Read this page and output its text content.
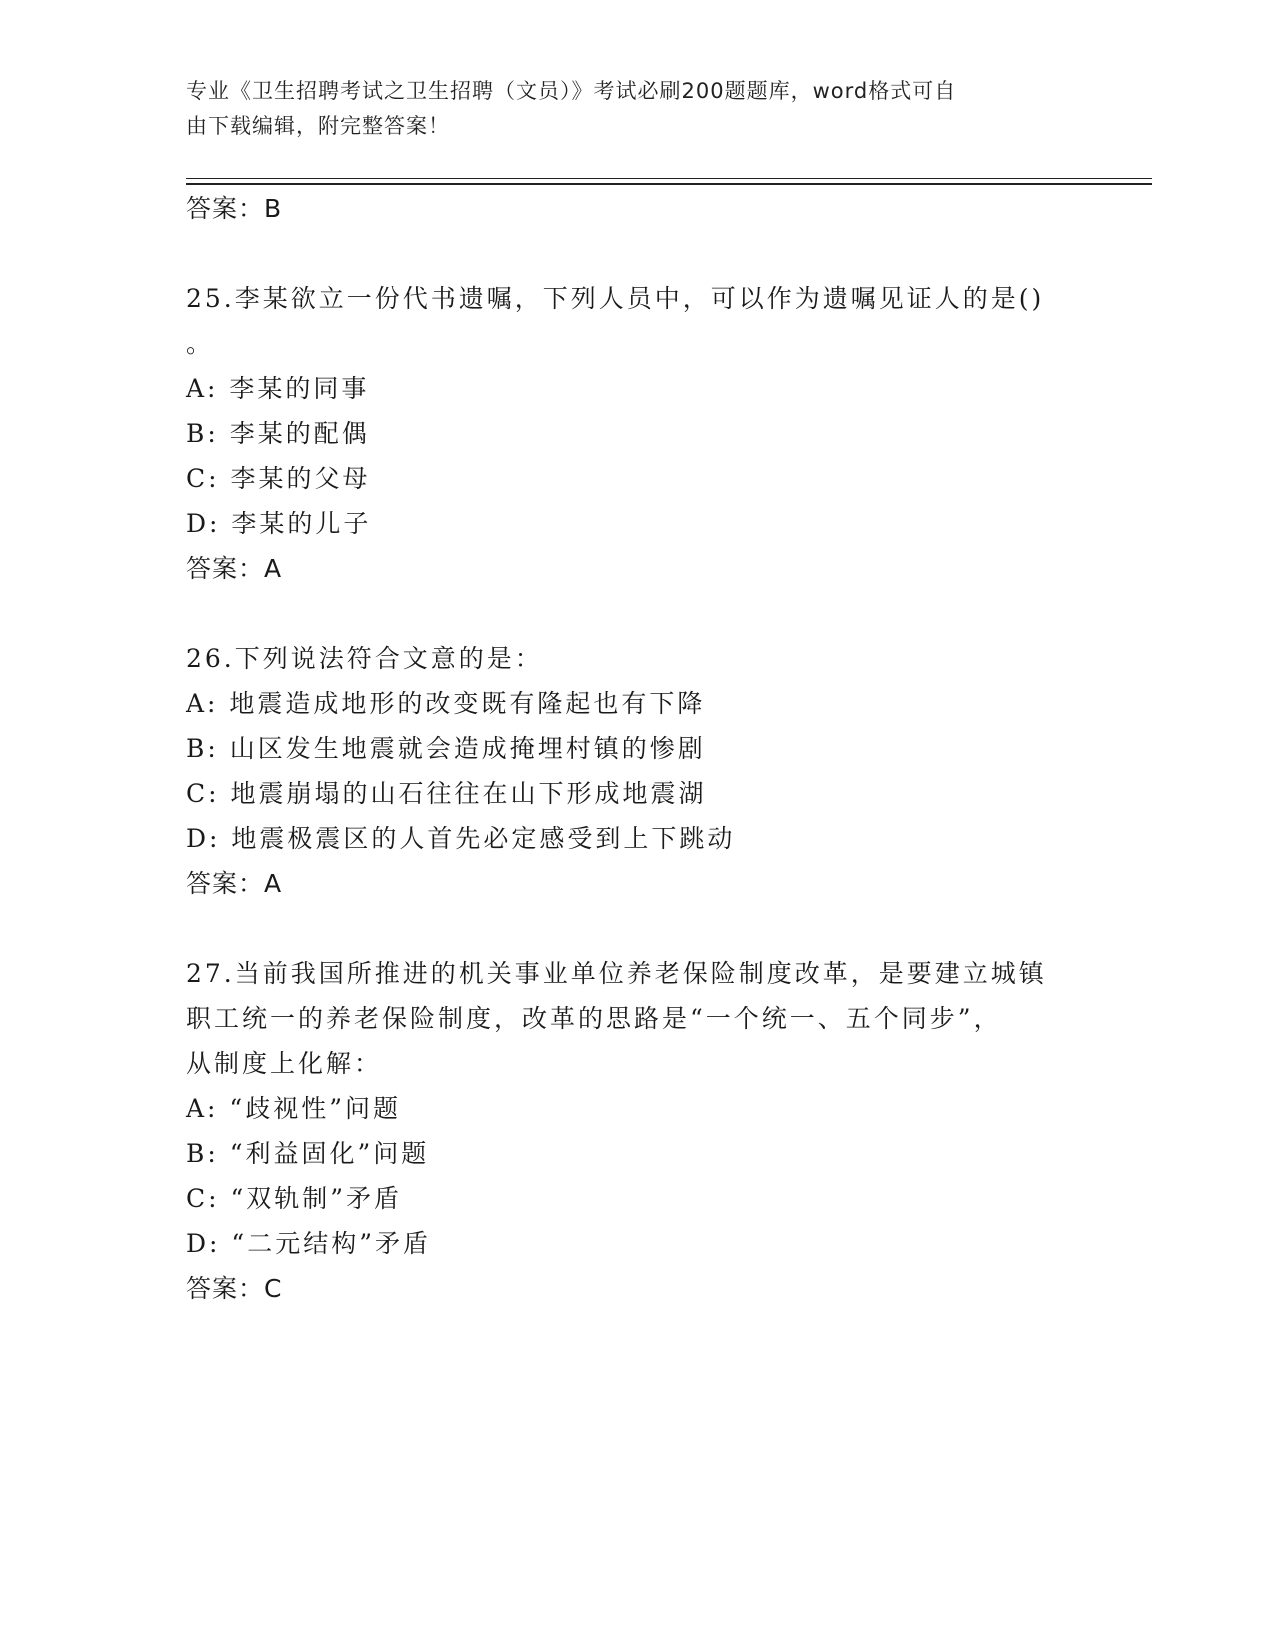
专业《卫生招聘考试之卫生招聘（文员）》考试必刷200题题库，word格式可自
由下载编辑，附完整答案！
答案：B
25.李某欲立一份代书遗嘱，下列人员中，可以作为遗嘱见证人的是()
。
A: 李某的同事
B: 李某的配偶
C: 李某的父母
D: 李某的儿子
答案：A
26.下列说法符合文意的是：
A: 地震造成地形的改变既有隆起也有下降
B: 山区发生地震就会造成掩埋村镇的惨剧
C: 地震崩塌的山石往往在山下形成地震湖
D: 地震极震区的人首先必定感受到上下跳动
答案：A
27.当前我国所推进的机关事业单位养老保险制度改革，是要建立城镇
职工统一的养老保险制度，改革的思路是“一个统一、五个同步”，
从制度上化解：
A: “歧视性”问题
B: “利益固化”问题
C: “双轨制”矛盾
D: “二元结构”矛盾
答案：C
